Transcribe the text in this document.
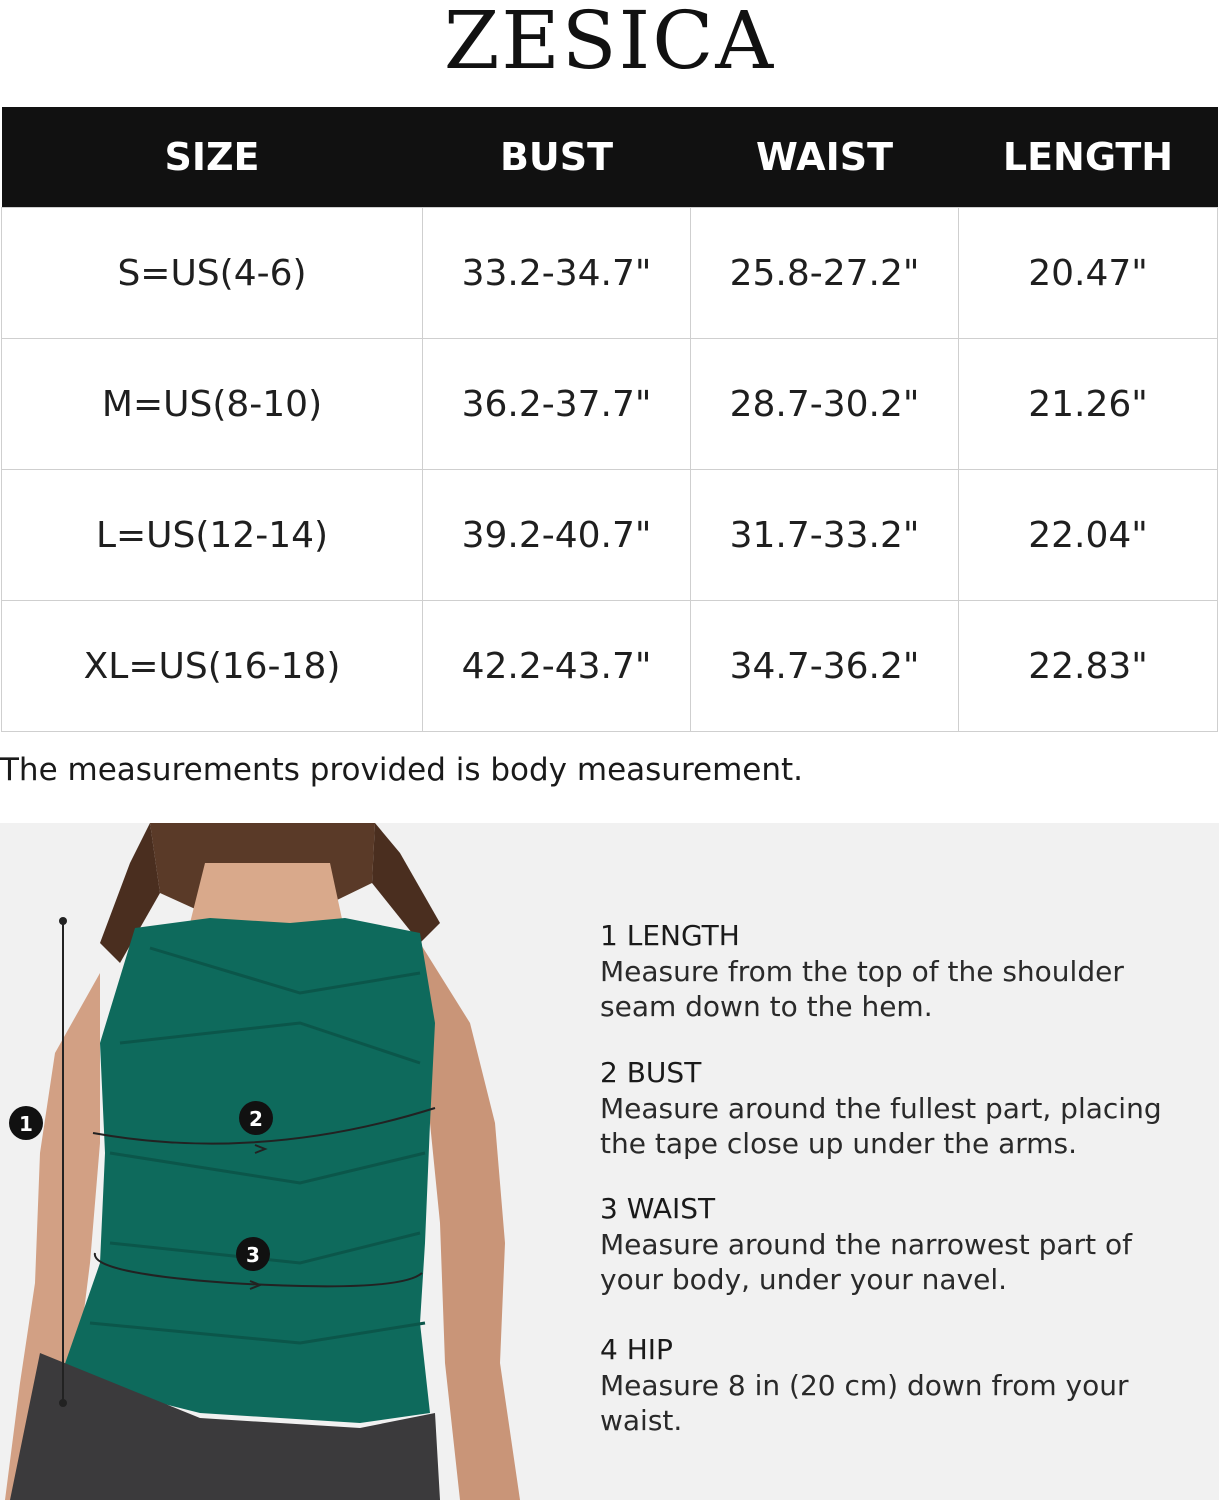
ZESICA
SIZE	BUST	WAIST	LENGTH
S=US(4-6)	33.2-34.7"	25.8-27.2"	20.47"
M=US(8-10)	36.2-37.7"	28.7-30.2"	21.26"
L=US(12-14)	39.2-40.7"	31.7-33.2"	22.04"
XL=US(16-18)	42.2-43.7"	34.7-36.2"	22.83"
The measurements provided is body measurement.
1	2
3
1 LENGTH
Measure from the top of the shoulder
seam down to the hem.
2 BUST
Measure around the fullest part, placing
the tape close up under the arms.
3 WAIST
Measure around the narrowest part of
your body, under your navel.
4 HIP
Measure 8 in (20 cm) down from your waist.
